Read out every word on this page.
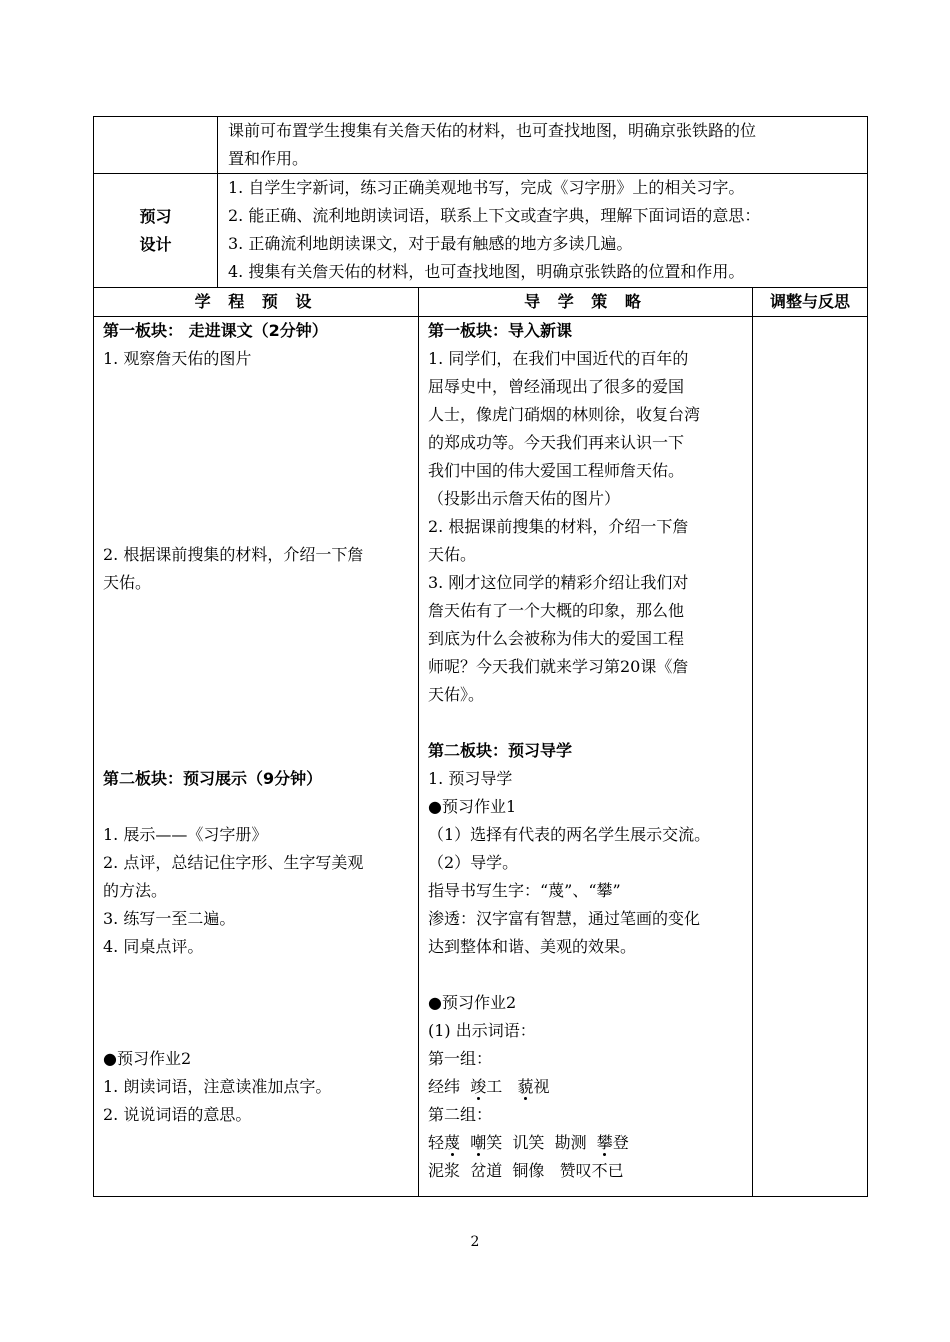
课前可布置学生搜集有关詹天佑的材料，也可查找地图，明确京张铁路的位
置和作用。
预习
设计
1. 自学生字新词，练习正确美观地书写，完成《习字册》上的相关习字。
2. 能正确、流利地朗读词语，联系上下文或查字典，理解下面词语的意思：
3. 正确流利地朗读课文，对于最有触感的地方多读几遍。
4. 搜集有关詹天佑的材料，也可查找地图，明确京张铁路的位置和作用。
学 程 预 设	导 学 策 略	调整与反思
第一板块： 走进课文（2分钟）
1. 观察詹天佑的图片
2. 根据课前搜集的材料，介绍一下詹
天佑。
第二板块：预习展示（9分钟）
1. 展示——《习字册》
2. 点评，总结记住字形、生字写美观
的方法。
3. 练写一至二遍。
4. 同桌点评。
●预习作业2
1. 朗读词语，注意读准加点字。
2. 说说词语的意思。
第一板块：导入新课
1. 同学们，在我们中国近代的百年的
屈辱史中，曾经涌现出了很多的爱国
人士，像虎门硝烟的林则徐，收复台湾
的郑成功等。今天我们再来认识一下
我们中国的伟大爱国工程师詹天佑。
（投影出示詹天佑的图片）
2. 根据课前搜集的材料，介绍一下詹
天佑。
3. 刚才这位同学的精彩介绍让我们对
詹天佑有了一个大概的印象，那么他
到底为什么会被称为伟大的爱国工程
师呢？今天我们就来学习第20课《詹
天佑》。
第二板块：预习导学
1. 预习导学
●预习作业1
（1）选择有代表的两名学生展示交流。
（2）导学。
指导书写生字：“蔑”、“攀”
渗透：汉字富有智慧，通过笔画的变化
达到整体和谐、美观的效果。
●预习作业2
(1) 出示词语：
第一组：
经纬 竣工 藐视
第二组：
轻蔑 嘲笑 讥笑 勘测 攀登
泥浆 岔道 铜像 赞叹不已
2
